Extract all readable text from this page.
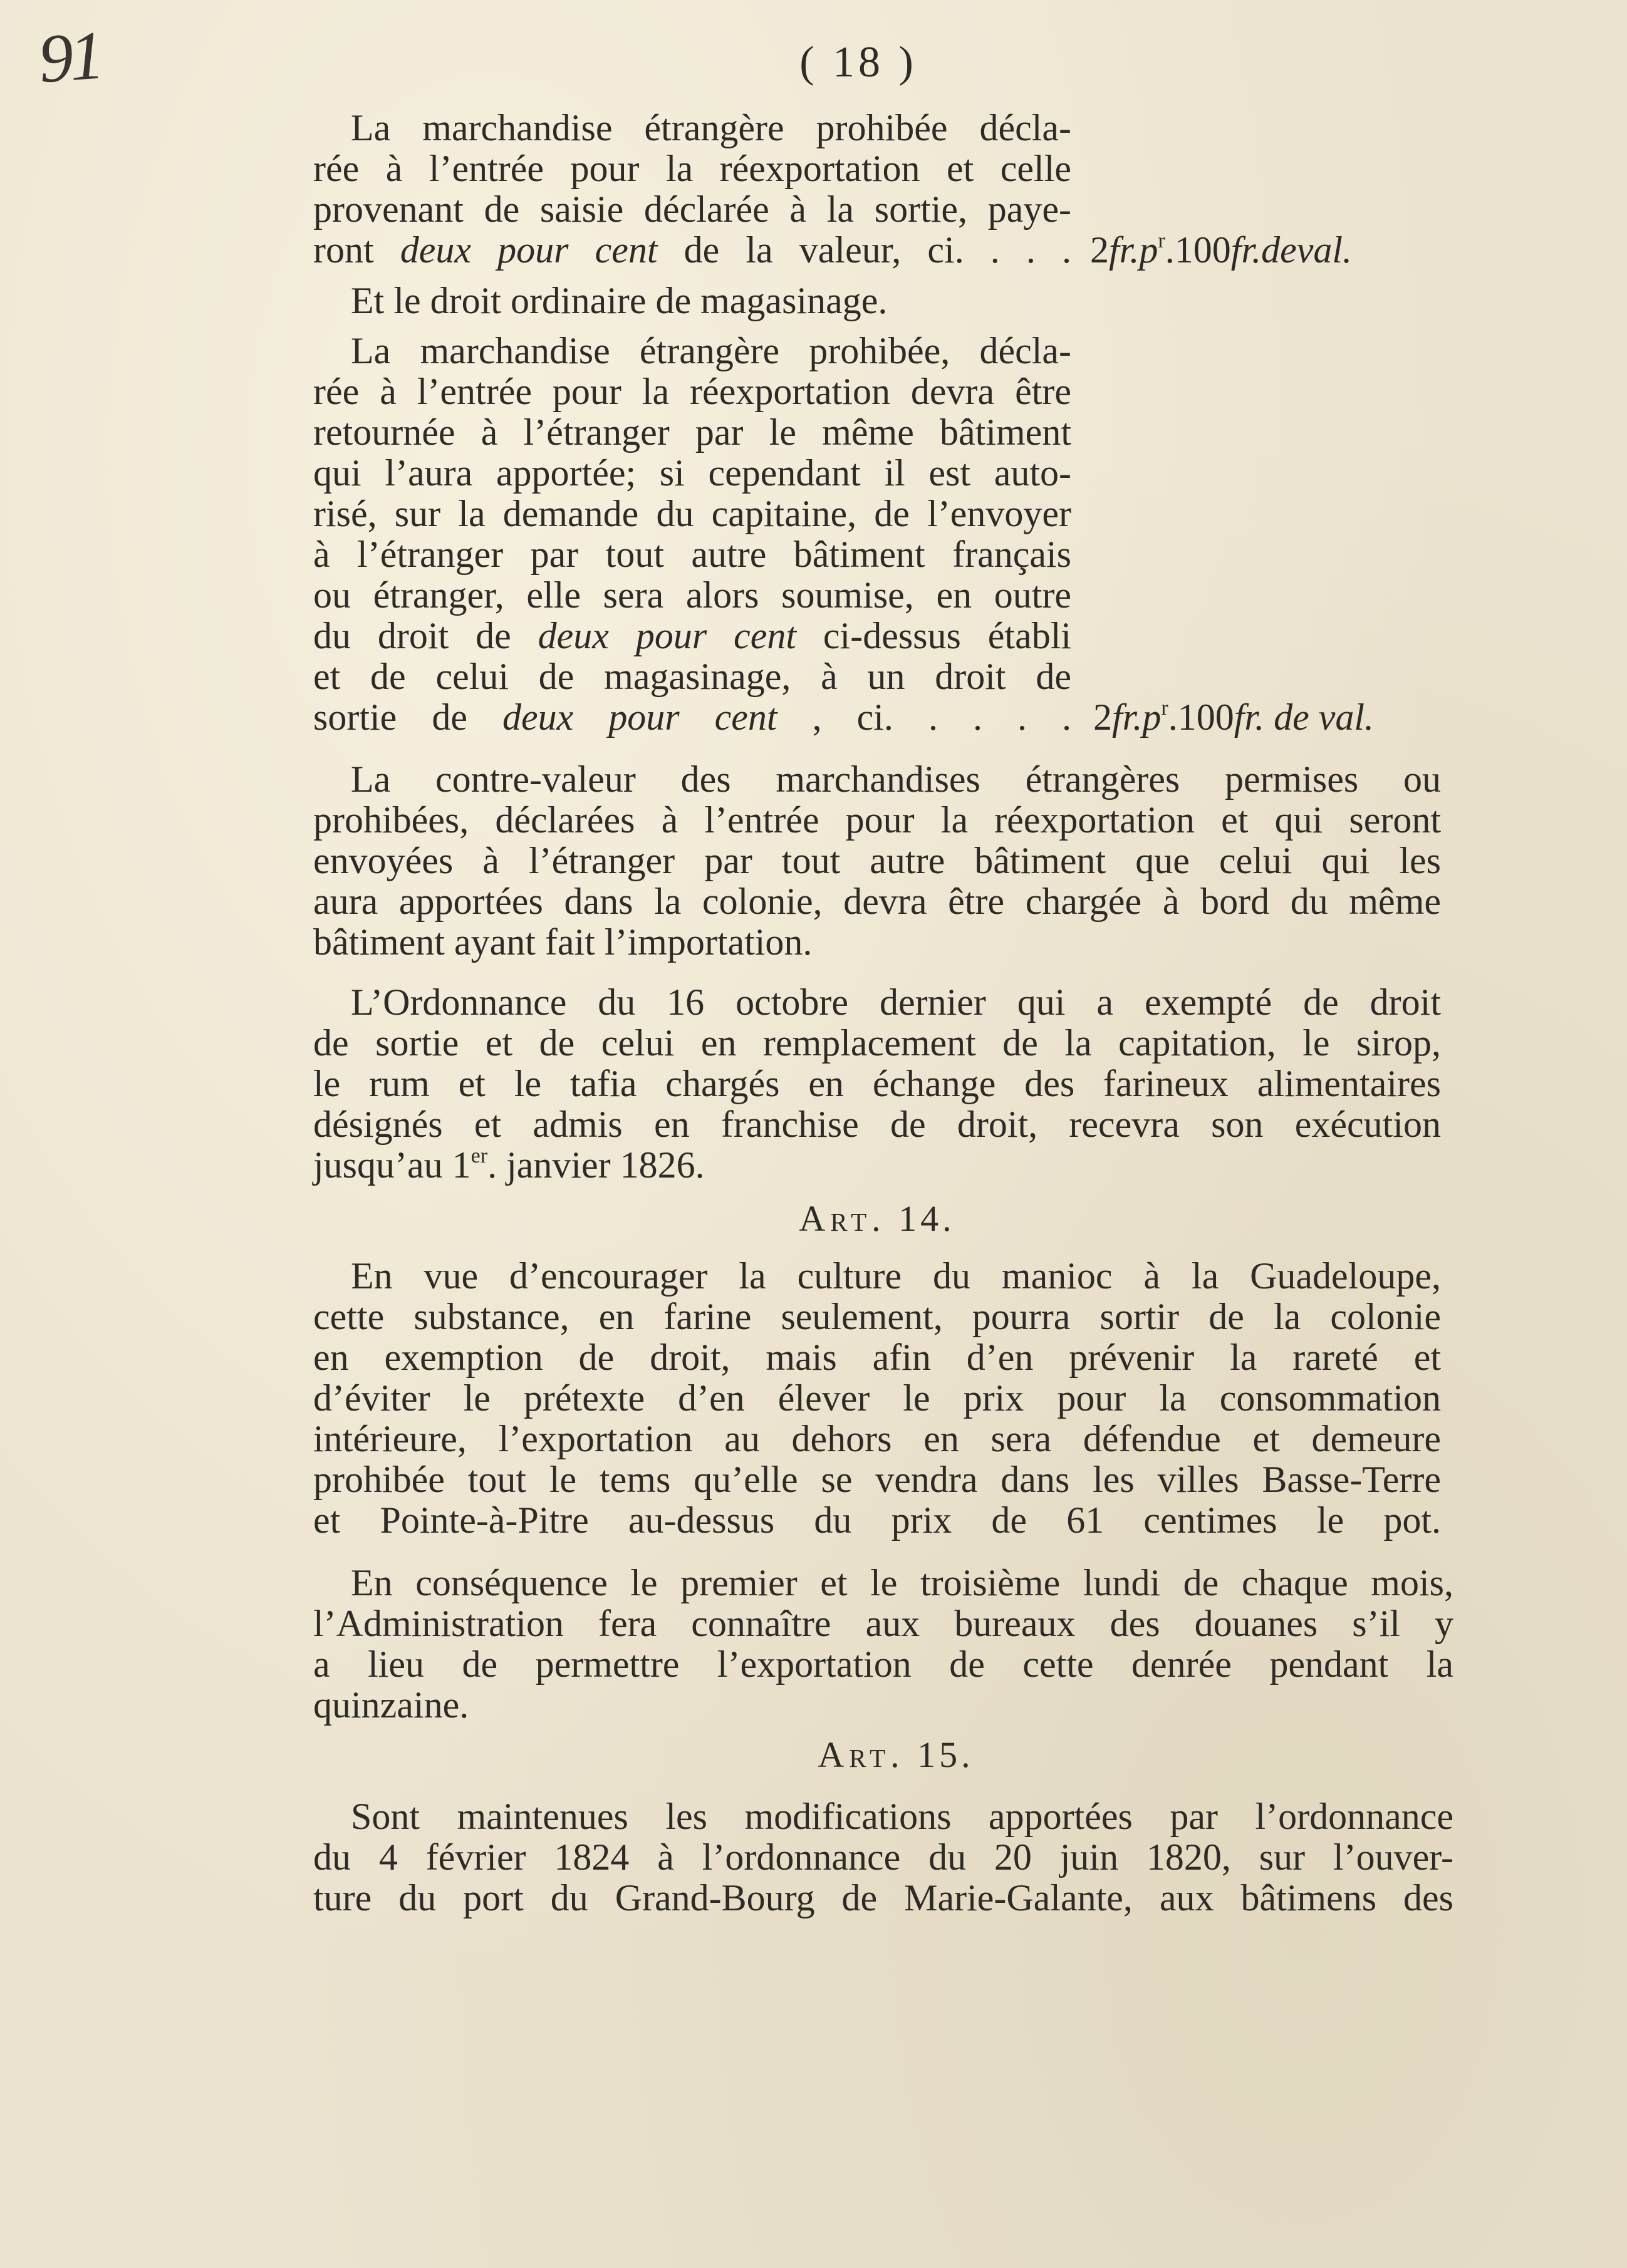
91	( 18 )
La marchandise étrangère prohibée décla-
rée à l’entrée pour la réexportation et celle
provenant de saisie déclarée à la sortie, paye-
ront deux pour cent de la valeur, ci. . . . $2fr.p^r.100fr.deval$.
Et le droit ordinaire de magasinage.
La marchandise étrangère prohibée, décla-
rée à l’entrée pour la réexportation devra être
retournée à l’étranger par le même bâtiment
qui l’aura apportée; si cependant il est auto-
risé, sur la demande du capitaine, de l’envoyer
à l’étranger par tout autre bâtiment français
ou étranger, elle sera alors soumise, en outre
du droit de deux pour cent ci-dessus établi
et de celui de magasinage, à un droit de
sortie de deux pour cent , ci. . . . . $2fr.p^r.100fr$. de val.
La contre-valeur des marchandises étrangères permises ou
prohibées, déclarées à l’entrée pour la réexportation et qui seront
envoyées à l’étranger par tout autre bâtiment que celui qui les
aura apportées dans la colonie, devra être chargée à bord du même
bâtiment ayant fait l’importation.
L’Ordonnance du 16 octobre dernier qui a exempté de droit
de sortie et de celui en remplacement de la capitation, le sirop,
le rum et le tafia chargés en échange des farineux alimentaires
désignés et admis en franchise de droit, recevra son exécution
jusqu’au 1er. janvier 1826.
Art. 14.
En vue d’encourager la culture du manioc à la Guadeloupe,
cette substance, en farine seulement, pourra sortir de la colonie
en exemption de droit, mais afin d’en prévenir la rareté et
d’éviter le prétexte d’en élever le prix pour la consommation
intérieure, l’exportation au dehors en sera défendue et demeure
prohibée tout le tems qu’elle se vendra dans les villes Basse-Terre
et Pointe-à-Pitre au-dessus du prix de 61 centimes le pot.
En conséquence le premier et le troisième lundi de chaque mois,
l’Administration fera connaître aux bureaux des douanes s’il y
a lieu de permettre l’exportation de cette denrée pendant la
quinzaine.
Art. 15.
Sont maintenues les modifications apportées par l’ordonnance
du 4 février 1824 à l’ordonnance du 20 juin 1820, sur l’ouver-
ture du port du Grand-Bourg de Marie-Galante, aux bâtimens des
